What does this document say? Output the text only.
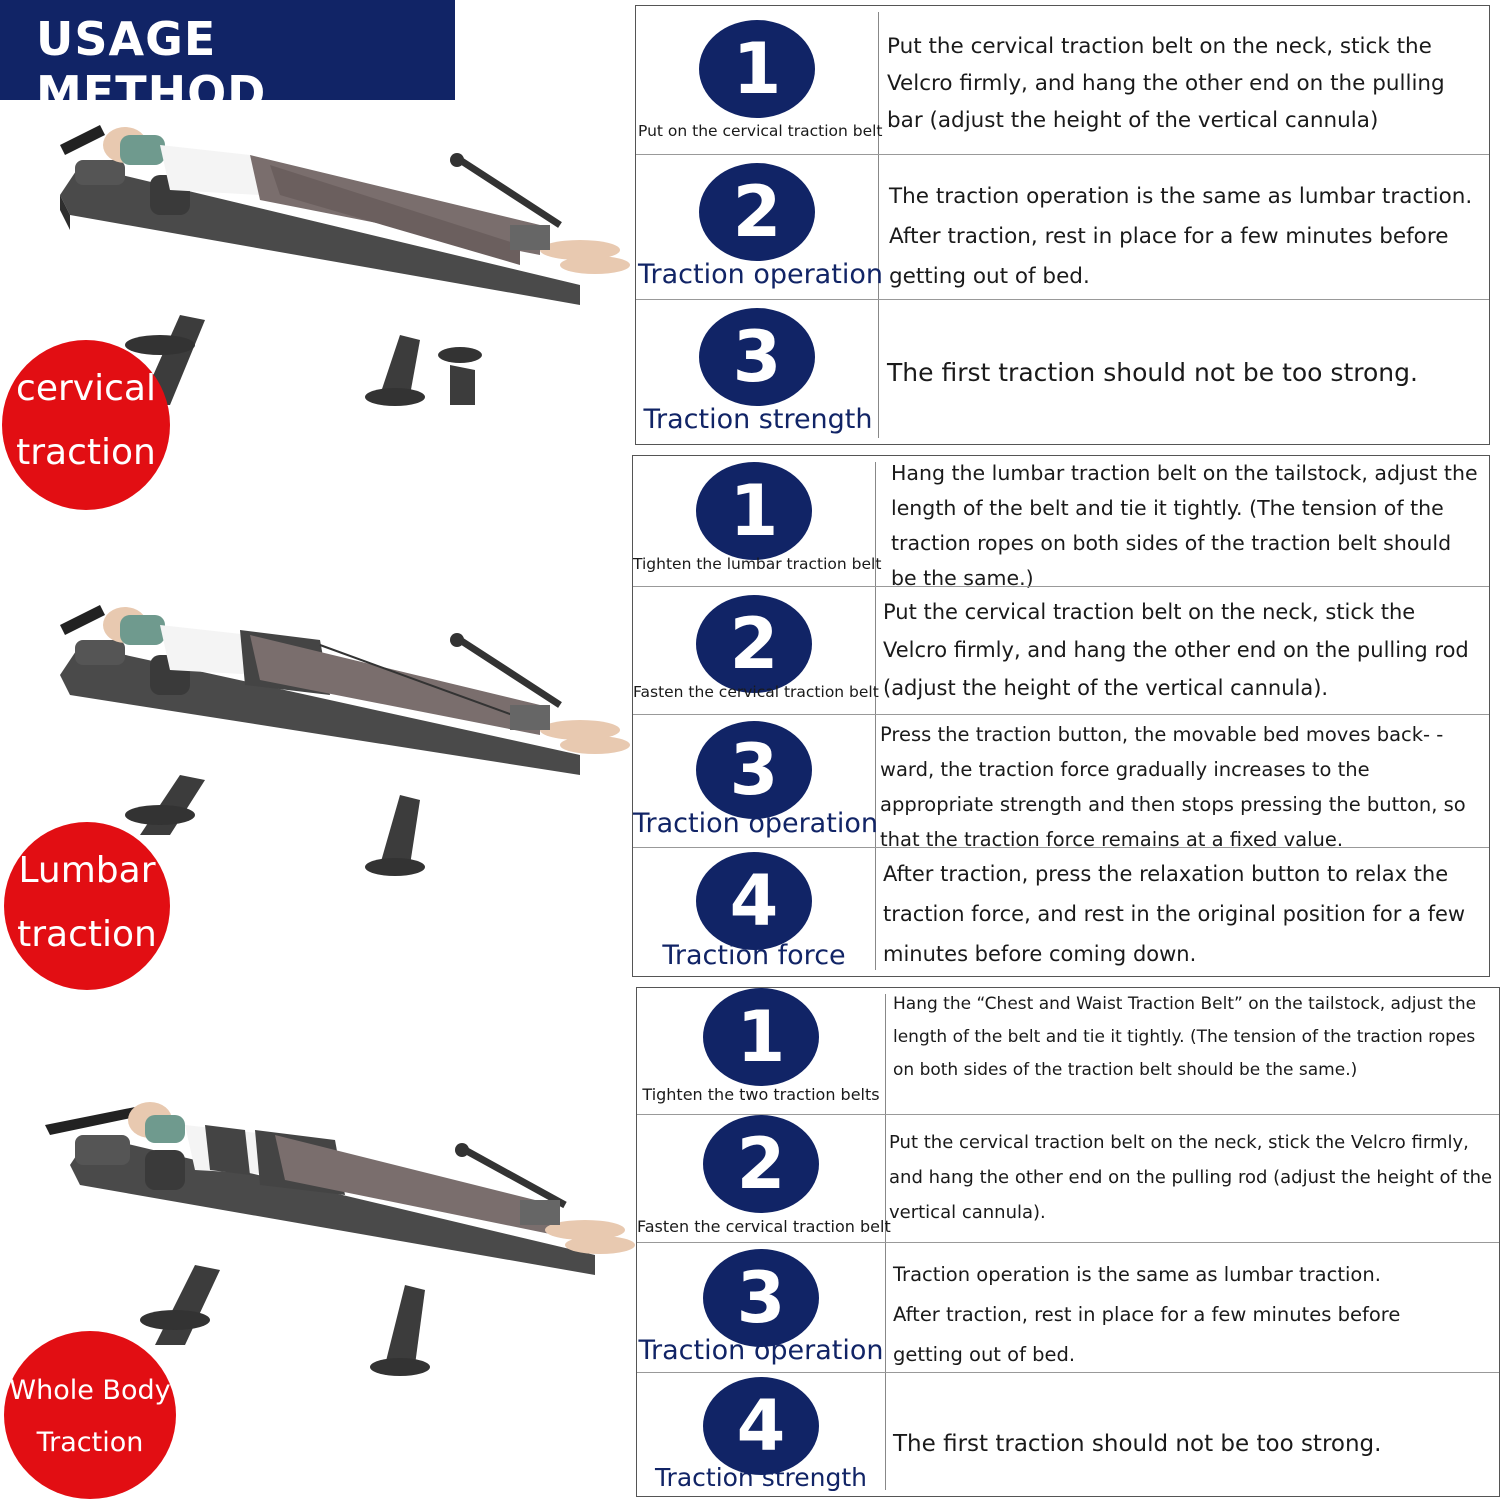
USAGE METHOD
cervical
traction
Lumbar
traction
Whole Body
Traction
1
Put on the cervical traction belt
Put the cervical traction belt on the neck, stick the Velcro firmly, and hang the other end on the pulling bar (adjust the height of the vertical cannula)
2
Traction operation
The traction operation is the same as lumbar traction. After traction, rest in place for a few minutes before getting out of bed.
3
Traction strength
The first traction should not be too strong.
1
Tighten the lumbar traction belt
Hang the lumbar traction belt on the tailstock, adjust the length of the belt and tie it tightly. (The tension of the traction ropes on both sides of the traction belt should be the same.)
2
Fasten the cervical traction belt
Put the cervical traction belt on the neck, stick the Velcro firmly, and hang the other end on the pulling rod (adjust the height of the vertical cannula).
3
Traction operation
Press the traction button, the movable bed moves back- -ward, the traction force gradually increases to the appropriate strength and then stops pressing the button, so that the traction force remains at a fixed value.
4
Traction force
After traction, press the relaxation button to relax the traction force, and rest in the original position for a few minutes before coming down.
1
Tighten the two traction belts
Hang the “Chest and Waist Traction Belt” on the tailstock, adjust the length of the belt and tie it tightly. (The tension of the traction ropes on both sides of the traction belt should be the same.)
2
Fasten the cervical traction belt
Put the cervical traction belt on the neck, stick the Velcro firmly, and hang the other end on the pulling rod (adjust the height of the vertical cannula).
3
Traction operation
Traction operation is the same as lumbar traction. After traction, rest in place for a few minutes before getting out of bed.
4
Traction strength
The first traction should not be too strong.
